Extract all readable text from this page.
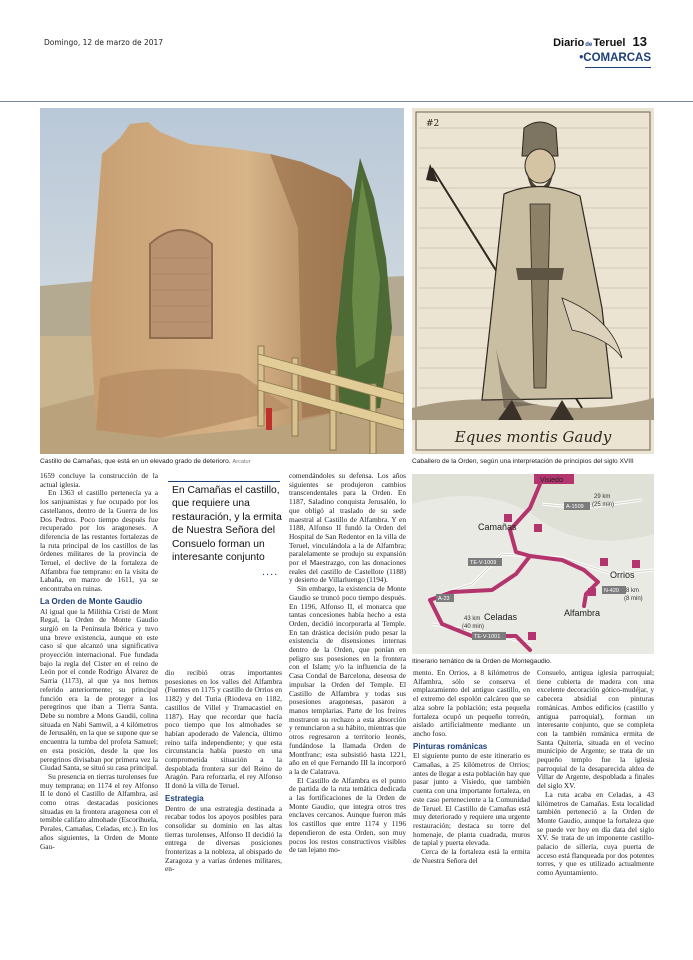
Domingo, 12 de marzo de 2017	DiariodeTeruel 13
•COMARCAS
Castillo de Camañas, que está en un elevado grado de deterioro. Arcatur
#2
Eques montis Gaudy
Caballero de la Orden, según una interpretación de principios del siglo XVIII
En Camañas el castillo, que requiere una restauración, y la ermita de Nuestra Señora del Consuelo forman un interesante conjunto
....
Visiedo
Camañas
Orrios
Alfambra
Celadas
A-1509
TE-V-1009
N-420
A-23
TE-V-1001
29 km
(25 min)
8 km
(8 min)
43 km
(40 min)
Itinerario temático de la Orden de Montegaudio.

1659 concluye la construcción de la actual iglesia.

En 1363 el castillo pertenecía ya a los sanjuanistas y fue ocupado por los castellanos, dentro de la Guerra de los Dos Pedros. Poco tiempo después fue recuperado por los aragoneses. A diferencia de las restantes fortalezas de la ruta principal de los castillos de las órdenes militares de la provincia de Teruel, el declive de la fortaleza de Alfambra fue temprano: en la visita de Labaña, en marzo de 1611, ya se encontraba en ruinas.

La Orden de Monte Gaudio

Al igual que la Milithia Cristi de Mont Regal, la Orden de Monte Gaudio surgió en la Península Ibérica y tuvo una breve existencia, aunque en este caso sí que alcanzó una significativa proyección internacional. Fue fundada bajo la regla del Cister en el reino de León por el conde Rodrigo Álvarez de Sarria (1173), al que ya nos hemos referido anteriormente; su principal función era la de proteger a los peregrinos que iban a Tierra Santa. Debe su nombre a Mons Gaudii, colina situada en Nabi Samwil, a 4 kilómetros de Jerusalén, en la que se supone que se encuentra la tumba del profeta Samuel; en esta posición, desde la que los peregrinos divisaban por primera vez la Ciudad Santa, se situó su casa principal.

Su presencia en tierras turolenses fue muy temprana; en 1174 el rey Alfonso II le donó el Castillo de Alfambra, así como otras destacadas posiciones situadas en la frontera aragonesa con el temible califato almohade (Escorihuela, Perales, Camañas, Celadas, etc.). En los años siguientes, la Orden de Monte Gau-

dio recibió otras importantes posesiones en los valles del Alfambra (Fuentes en 1175 y castillo de Orrios en 1182) y del Turia (Riodeva en 1182, castillos de Villel y Tramacastiel en 1187). Hay que recordar que hacía poco tiempo que los almohades se habían apoderado de Valencia, último reino taifa independiente; y que esta circunstancia había puesto en una comprometida situación a la despoblada frontera sur del Reino de Aragón. Para reforzarla, el rey Alfonso II donó la villa de Teruel.

Estrategia

Dentro de una estrategia destinada a recabar todos los apoyos posibles para consolidar su dominio en las altas tierras turolenses, Alfonso II decidió la entrega de diversas posiciones fronterizas a la nobleza, al obispado de Zaragoza y a varias órdenes militares, en-

comendándoles su defensa. Los años siguientes se produjeron cambios transcendentales para la Orden. En 1187, Saladino conquista Jerusalén, lo que obligó al traslado de su sede maestral al Castillo de Alfambra. Y en 1188, Alfonso II fundó la Orden del Hospital de San Redentor en la villa de Teruel, vinculándola a la de Alfambra; paralelamente se produjo su expansión por el Maestrazgo, con las donaciones reales del castillo de Castellote (1188) y desierto de Villarluengo (1194).

Sin embargo, la existencia de Monte Gaudio se truncó poco tiempo después. En 1196, Alfonso II, el monarca que tantas concesiones había hecho a esta Orden, decidió incorporarla al Temple. En tan drástica decisión pudo pesar la existencia de disensiones internas dentro de la Orden, que ponían en peligro sus posesiones en la frontera con el Islam; y/o la influencia de la Casa Condal de Barcelona, deseosa de impulsar la Orden del Temple. El Castillo de Alfambra y todas sus posesiones aragonesas, pasaron a manos templarias. Parte de los freires mostraron su rechazo a esta absorción y renunciaron a su hábito, mientras que otros regresaron a territorio leonés, fundándose la llamada Orden de Montfranc; esta subsistió hasta 1221, año en el que Fernando III la incorporó a la de Calatrava.

El Castillo de Alfambra es el punto de partida de la ruta temática dedicada a las fortificaciones de la Orden de Monte Gaudio, que integra otros tres enclaves cercanos. Aunque fueron más los castillos que entre 1174 y 1196 dependieron de esta Orden, son muy pocos los restos constructivos visibles de tan lejano mo-

mento. En Orrios, a 8 kilómetros de Alfambra, sólo se conserva el emplazamiento del antiguo castillo, en el extremo del espolón calcáreo que se alza sobre la población; esta pequeña fortaleza ocupó un pequeño torreón, aislado artificialmente mediante un ancho foso.

Pinturas románicas

El siguiente punto de este itinerario es Camañas, a 25 kilómetros de Orrios; antes de llegar a esta población hay que pasar junto a Visiedo, que también cuenta con una importante fortaleza, en este caso perteneciente a la Comunidad de Teruel. El Castillo de Camañas está muy deteriorado y requiere una urgente restauración; destaca su torre del homenaje, de planta cuadrada, muros de tapial y puerta elevada.

Cerca de la fortaleza está la ermita de Nuestra Señora del

Consuelo, antigua iglesia parroquial; tiene cubierta de madera con una excelente decoración gótico-mudéjar, y cabecera absidial con pinturas románicas. Ambos edificios (castillo y antigua parroquial), forman un interesante conjunto, que se completa con la también románica ermita de Santa Quiteria, situada en el vecino municipio de Argente; se trata de un pequeño templo fue la iglesia parroquial de la desaparecida aldea de Villar de Argente, despoblada a finales del siglo XV.

La ruta acaba en Celadas, a 43 kilómetros de Camañas. Esta localidad también perteneció a la Orden de Monte Gaudio, aunque la fortaleza que se puede ver hoy en día data del siglo XV. Se trata de un imponente castillo-palacio de sillería, cuya puerta de acceso está flanqueada por dos potentes torres, y que es utilizado actualmente como Ayuntamiento.
